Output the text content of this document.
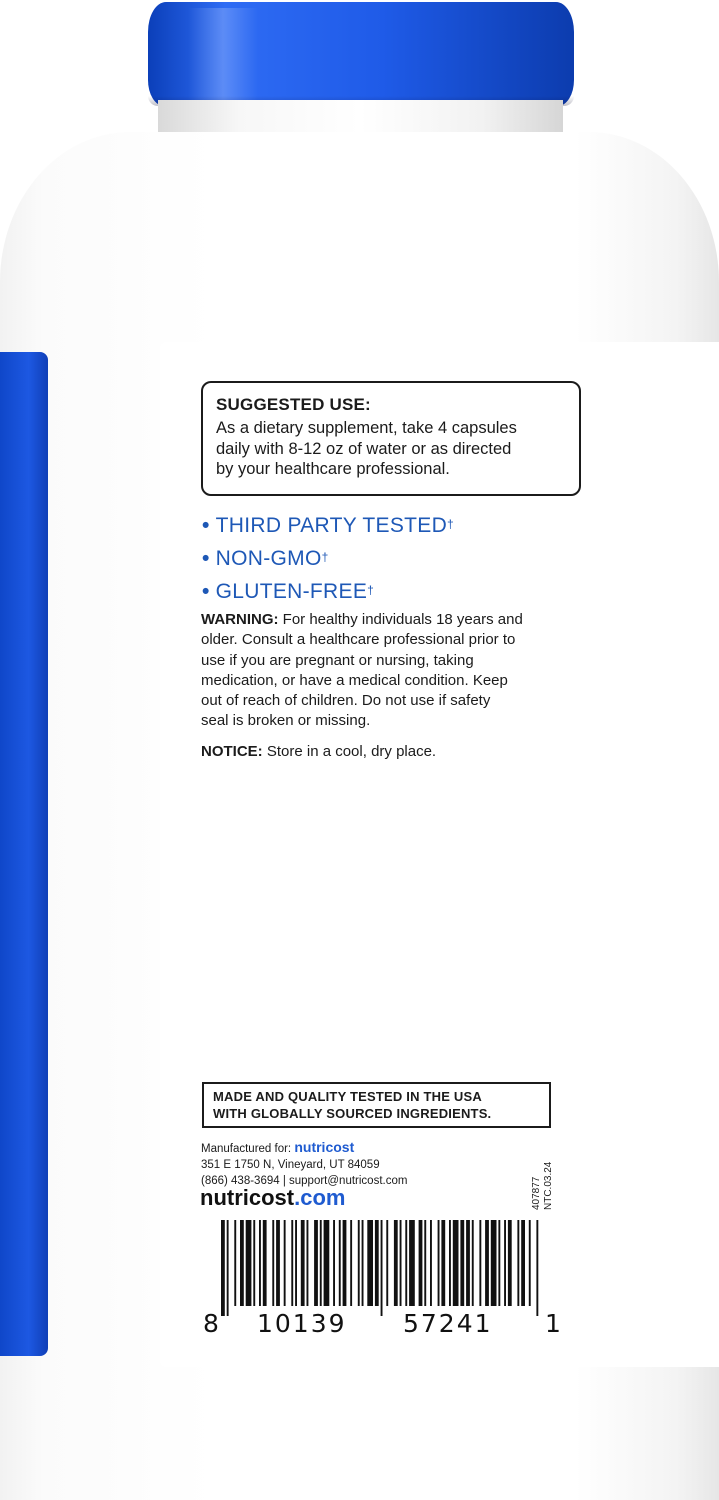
SUGGESTED USE:
As a dietary supplement, take 4 capsules
daily with 8-12 oz of water or as directed
by your healthcare professional.
• THIRD PARTY TESTED†
• NON-GMO†
• GLUTEN-FREE†
WARNING: For healthy individuals 18 years and
older. Consult a healthcare professional prior to
use if you are pregnant or nursing, taking
medication, or have a medical condition. Keep
out of reach of children. Do not use if safety
seal is broken or missing.
NOTICE: Store in a cool, dry place.
MADE AND QUALITY TESTED IN THE USA
WITH GLOBALLY SOURCED INGREDIENTS.
Manufactured for: nutricost
351 E 1750 N, Vineyard, UT 84059
(866) 438-3694 | support@nutricost.com
nutricost.com	407877 NTC.03.24
8 10139 57241 1
